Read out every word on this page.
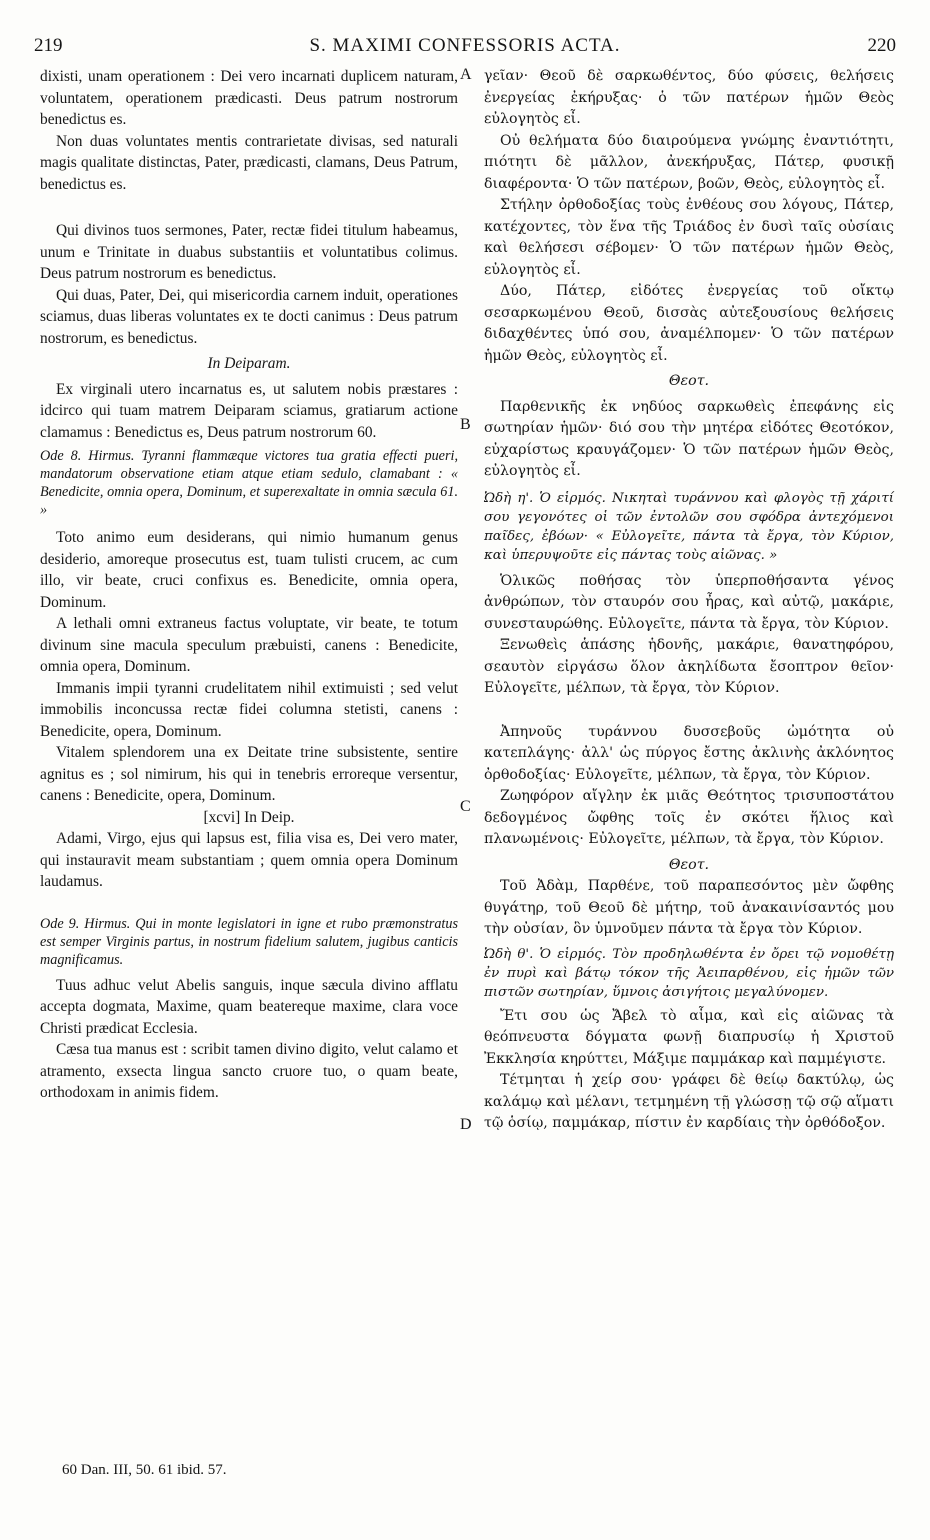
219	S. MAXIMI CONFESSORIS ACTA.	220
A
B
C
D

dixisti, unam operationem : Dei vero incarnati duplicem naturam, voluntatem, operationem prædicasti. Deus patrum nostrorum benedictus es.

Non duas voluntates mentis contrarietate divisas, sed naturali magis qualitate distinctas, Pater, prædicasti, clamans, Deus Patrum, benedictus es.

Qui divinos tuos sermones, Pater, rectæ fidei titulum habeamus, unum e Trinitate in duabus substantiis et voluntatibus colimus. Deus patrum nostrorum es benedictus.

Qui duas, Pater, Dei, qui misericordia carnem induit, operationes sciamus, duas liberas voluntates ex te docti canimus : Deus patrum nostrorum, es benedictus.

In Deiparam.

Ex virginali utero incarnatus es, ut salutem nobis præstares : idcirco qui tuam matrem Deiparam sciamus, gratiarum actione clamamus : Benedictus es, Deus patrum nostrorum 60.

Ode 8. Hirmus. Tyranni flammæque victores tua gratia effecti pueri, mandatorum observatione etiam atque etiam sedulo, clamabant : « Benedicite, omnia opera, Dominum, et superexaltate in omnia sæcula 61. »

Toto animo eum desiderans, qui nimio humanum genus desiderio, amoreque prosecutus est, tuam tulisti crucem, ac cum illo, vir beate, cruci confixus es. Benedicite, omnia opera, Dominum.

A lethali omni extraneus factus voluptate, vir beate, te totum divinum sine macula speculum præbuisti, canens : Benedicite, omnia opera, Dominum.

Immanis impii tyranni crudelitatem nihil extimuisti ; sed velut immobilis inconcussa rectæ fidei columna stetisti, canens : Benedicite, opera, Dominum.

Vitalem splendorem una ex Deitate trine subsistente, sentire agnitus es ; sol nimirum, his qui in tenebris erroreque versentur, canens : Benedicite, opera, Dominum.

[xcvi] In Deip.

Adami, Virgo, ejus qui lapsus est, filia visa es, Dei vero mater, qui instauravit meam substantiam ; quem omnia opera Dominum laudamus.

Ode 9. Hirmus. Qui in monte legislatori in igne et rubo præmonstratus est semper Virginis partus, in nostrum fidelium salutem, jugibus canticis magnificamus.

Tuus adhuc velut Abelis sanguis, inque sæcula divino afflatu accepta dogmata, Maxime, quam beatereque maxime, clara voce Christi prædicat Ecclesia.

Cæsa tua manus est : scribit tamen divino digito, velut calamo et atramento, exsecta lingua sancto cruore tuo, o quam beate, orthodoxam in animis fidem.

γεῖαν· Θεοῦ δὲ σαρκωθέντος, δύο φύσεις, θελήσεις ἐνεργείας ἐκήρυξας· ὁ τῶν πατέρων ἡμῶν Θεὸς εὐλογητὸς εἶ.

Οὐ θελήματα δύο διαιρούμενα γνώμης ἐναντιότητι, πιότητι δὲ μᾶλλον, ἀνεκήρυξας, Πάτερ, φυσικῇ διαφέροντα· Ὁ τῶν πατέρων, βοῶν, Θεὸς, εὐλογητὸς εἶ.

Στήλην ὀρθοδοξίας τοὺς ἐνθέους σου λόγους, Πάτερ, κατέχοντες, τὸν ἕνα τῆς Τριάδος ἐν δυσὶ ταῖς οὐσίαις καὶ θελήσεσι σέβομεν· Ὁ τῶν πατέρων ἡμῶν Θεὸς, εὐλογητὸς εἶ.

Δύο, Πάτερ, εἰδότες ἐνεργείας τοῦ οἴκτῳ σεσαρκωμένου Θεοῦ, δισσὰς αὐτεξουσίους θελήσεις διδαχθέντες ὑπό σου, ἀναμέλπομεν· Ὁ τῶν πατέρων ἡμῶν Θεὸς, εὐλογητὸς εἶ.

Θεοτ.

Παρθενικῆς ἐκ νηδύος σαρκωθεὶς ἐπεφάνης εἰς σωτηρίαν ἡμῶν· διό σου τὴν μητέρα εἰδότες Θεοτόκον, εὐχαρίστως κραυγάζομεν· Ὁ τῶν πατέρων ἡμῶν Θεὸς, εὐλογητὸς εἶ.

Ὠδὴ η'. Ὁ εἱρμός. Νικηταὶ τυράννου καὶ φλογὸς τῇ χάριτί σου γεγονότες οἱ τῶν ἐντολῶν σου σφόδρα ἀντεχόμενοι παῖδες, ἐβόων· « Εὐλογεῖτε, πάντα τὰ ἔργα, τὸν Κύριον, καὶ ὑπερυψοῦτε εἰς πάντας τοὺς αἰῶνας. »

Ὁλικῶς ποθήσας τὸν ὑπερποθήσαντα γένος ἀνθρώπων, τὸν σταυρόν σου ἦρας, καὶ αὐτῷ, μακάριε, συνεσταυρώθης. Εὐλογεῖτε, πάντα τὰ ἔργα, τὸν Κύριον.

Ξενωθεὶς ἁπάσης ἡδονῆς, μακάριε, θανατηφόρου, σεαυτὸν εἰργάσω ὅλον ἀκηλίδωτα ἔσοπτρον θεῖον· Εὐλογεῖτε, μέλπων, τὰ ἔργα, τὸν Κύριον.

Ἀπηνοῦς τυράννου δυσσεβοῦς ὠμότητα οὐ κατεπλάγης· ἀλλ' ὡς πύργος ἔστης ἀκλινὴς ἀκλόνητος ὀρθοδοξίας· Εὐλογεῖτε, μέλπων, τὰ ἔργα, τὸν Κύριον.

Ζωηφόρον αἴγλην ἐκ μιᾶς Θεότητος τρισυποστάτου δεδογμένος ὤφθης τοῖς ἐν σκότει ἥλιος καὶ πλανωμένοις· Εὐλογεῖτε, μέλπων, τὰ ἔργα, τὸν Κύριον.

Θεοτ.

Τοῦ Ἀδὰμ, Παρθένε, τοῦ παραπεσόντος μὲν ὤφθης θυγάτηρ, τοῦ Θεοῦ δὲ μήτηρ, τοῦ ἀνακαινίσαντός μου τὴν οὐσίαν, ὃν ὑμνοῦμεν πάντα τὰ ἔργα τὸν Κύριον.

Ὠδὴ θ'. Ὁ εἱρμός. Τὸν προδηλωθέντα ἐν ὄρει τῷ νομοθέτῃ ἐν πυρὶ καὶ βάτῳ τόκον τῆς Ἀειπαρθένου, εἰς ἡμῶν τῶν πιστῶν σωτηρίαν, ὕμνοις ἀσιγήτοις μεγαλύνομεν.

Ἔτι σου ὡς Ἄβελ τὸ αἷμα, καὶ εἰς αἰῶνας τὰ θεόπνευστα δόγματα φωνῇ διαπρυσίῳ ἡ Χριστοῦ Ἐκκλησία κηρύττει, Μάξιμε παμμάκαρ καὶ παμμέγιστε.

Τέτμηται ἡ χείρ σου· γράφει δὲ θείῳ δακτύλῳ, ὡς καλάμῳ καὶ μέλανι, τετμημένη τῇ γλώσσῃ τῷ σῷ αἵματι τῷ ὁσίῳ, παμμάκαρ, πίστιν ἐν καρδίαις τὴν ὀρθόδοξον.

60 Dan. III, 50. 61 ibid. 57.
